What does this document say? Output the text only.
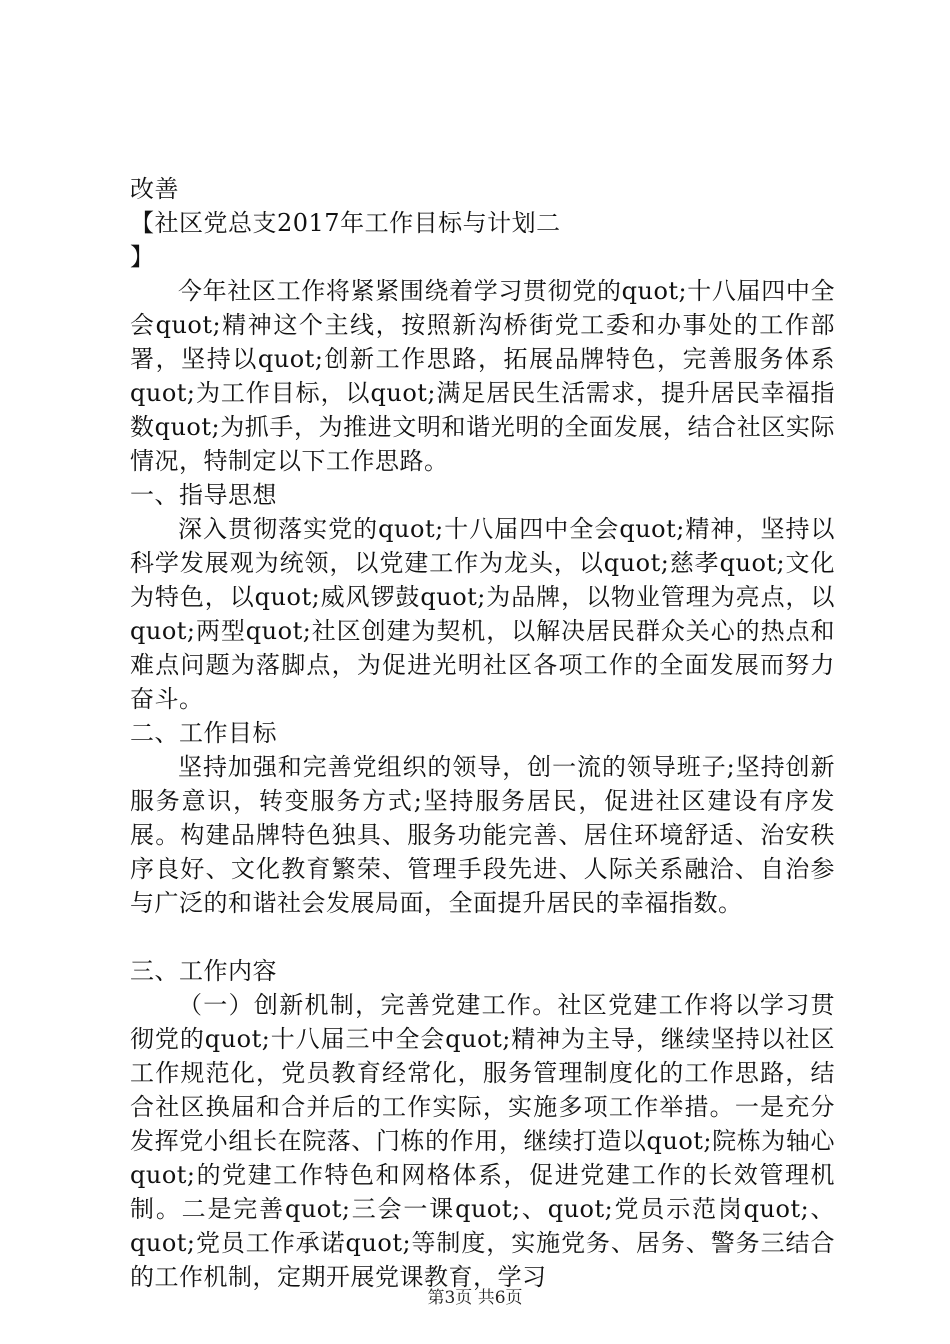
改善

【社区党总支2017年工作目标与计划二

】

今年社区工作将紧紧围绕着学习贯彻党的quot;十八届四中全会quot;精神这个主线，按照新沟桥街党工委和办事处的工作部署，坚持以quot;创新工作思路，拓展品牌特色，完善服务体系quot;为工作目标，以quot;满足居民生活需求，提升居民幸福指数quot;为抓手，为推进文明和谐光明的全面发展，结合社区实际情况，特制定以下工作思路。

一、指导思想

深入贯彻落实党的quot;十八届四中全会quot;精神，坚持以科学发展观为统领，以党建工作为龙头，以quot;慈孝quot;文化为特色，以quot;威风锣鼓quot;为品牌，以物业管理为亮点，以quot;两型quot;社区创建为契机，以解决居民群众关心的热点和难点问题为落脚点，为促进光明社区各项工作的全面发展而努力奋斗。

二、工作目标

坚持加强和完善党组织的领导，创一流的领导班子;坚持创新服务意识，转变服务方式;坚持服务居民，促进社区建设有序发展。构建品牌特色独具、服务功能完善、居住环境舒适、治安秩序良好、文化教育繁荣、管理手段先进、人际关系融洽、自治参与广泛的和谐社会发展局面，全面提升居民的幸福指数。

三、工作内容

（一）创新机制，完善党建工作。社区党建工作将以学习贯彻党的quot;十八届三中全会quot;精神为主导，继续坚持以社区工作规范化，党员教育经常化，服务管理制度化的工作思路，结合社区换届和合并后的工作实际，实施多项工作举措。一是充分发挥党小组长在院落、门栋的作用，继续打造以quot;院栋为轴心quot;的党建工作特色和网格体系，促进党建工作的长效管理机制。二是完善quot;三会一课quot;、quot;党员示范岗quot;、quot;党员工作承诺quot;等制度，实施党务、居务、警务三结合的工作机制，定期开展党课教育，学习

第3页 共6页
